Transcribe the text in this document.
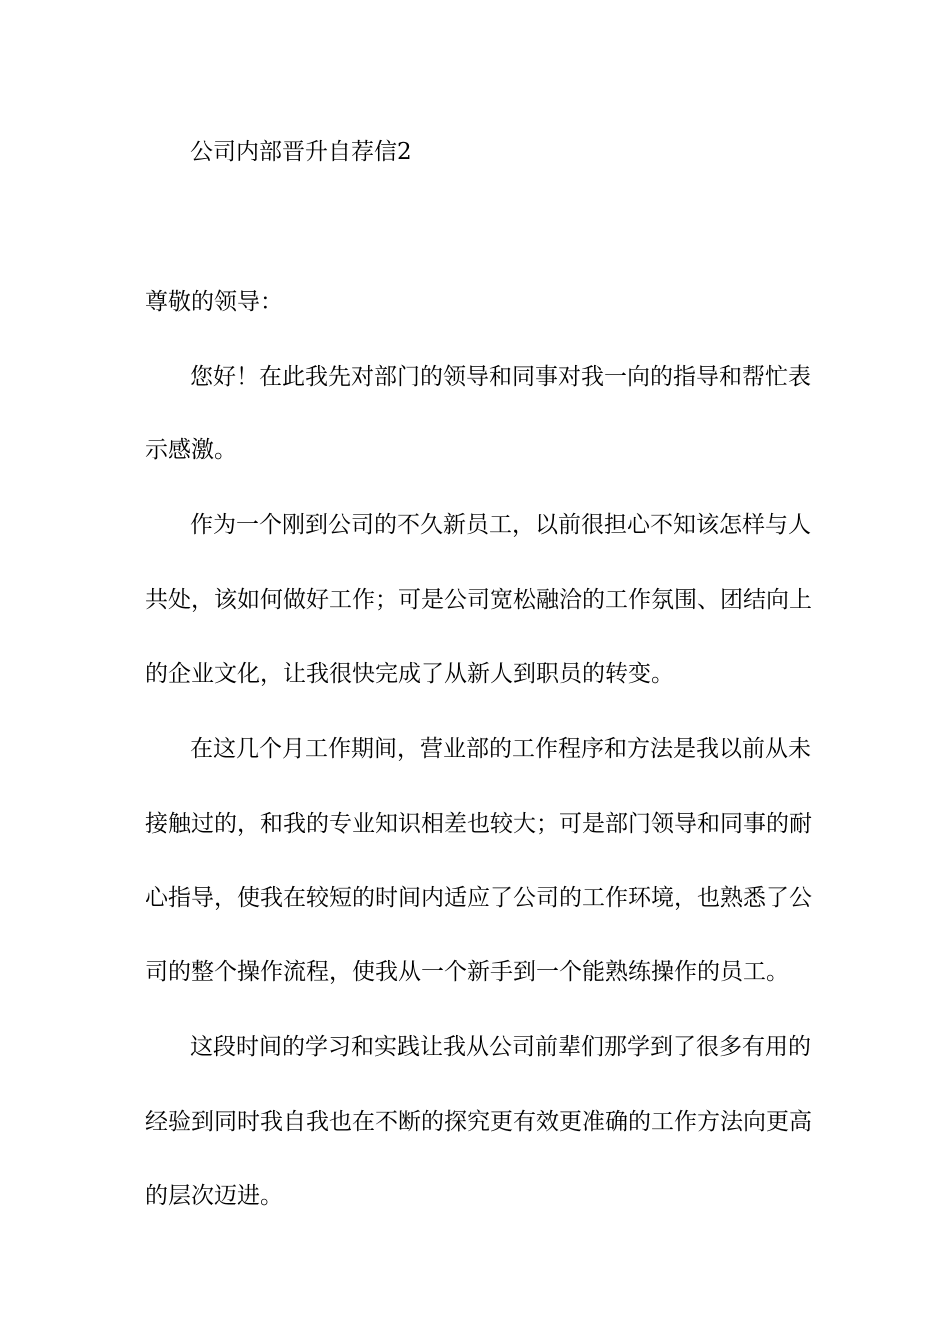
公司内部晋升自荐信2
尊敬的领导：
您好！在此我先对部门的领导和同事对我一向的指导和帮忙表
示感激。
作为一个刚到公司的不久新员工，以前很担心不知该怎样与人
共处，该如何做好工作；可是公司宽松融洽的工作氛围、团结向上
的企业文化，让我很快完成了从新人到职员的转变。
在这几个月工作期间，营业部的工作程序和方法是我以前从未
接触过的，和我的专业知识相差也较大；可是部门领导和同事的耐
心指导，使我在较短的时间内适应了公司的工作环境，也熟悉了公
司的整个操作流程，使我从一个新手到一个能熟练操作的员工。
这段时间的学习和实践让我从公司前辈们那学到了很多有用的
经验到同时我自我也在不断的探究更有效更准确的工作方法向更高
的层次迈进。
